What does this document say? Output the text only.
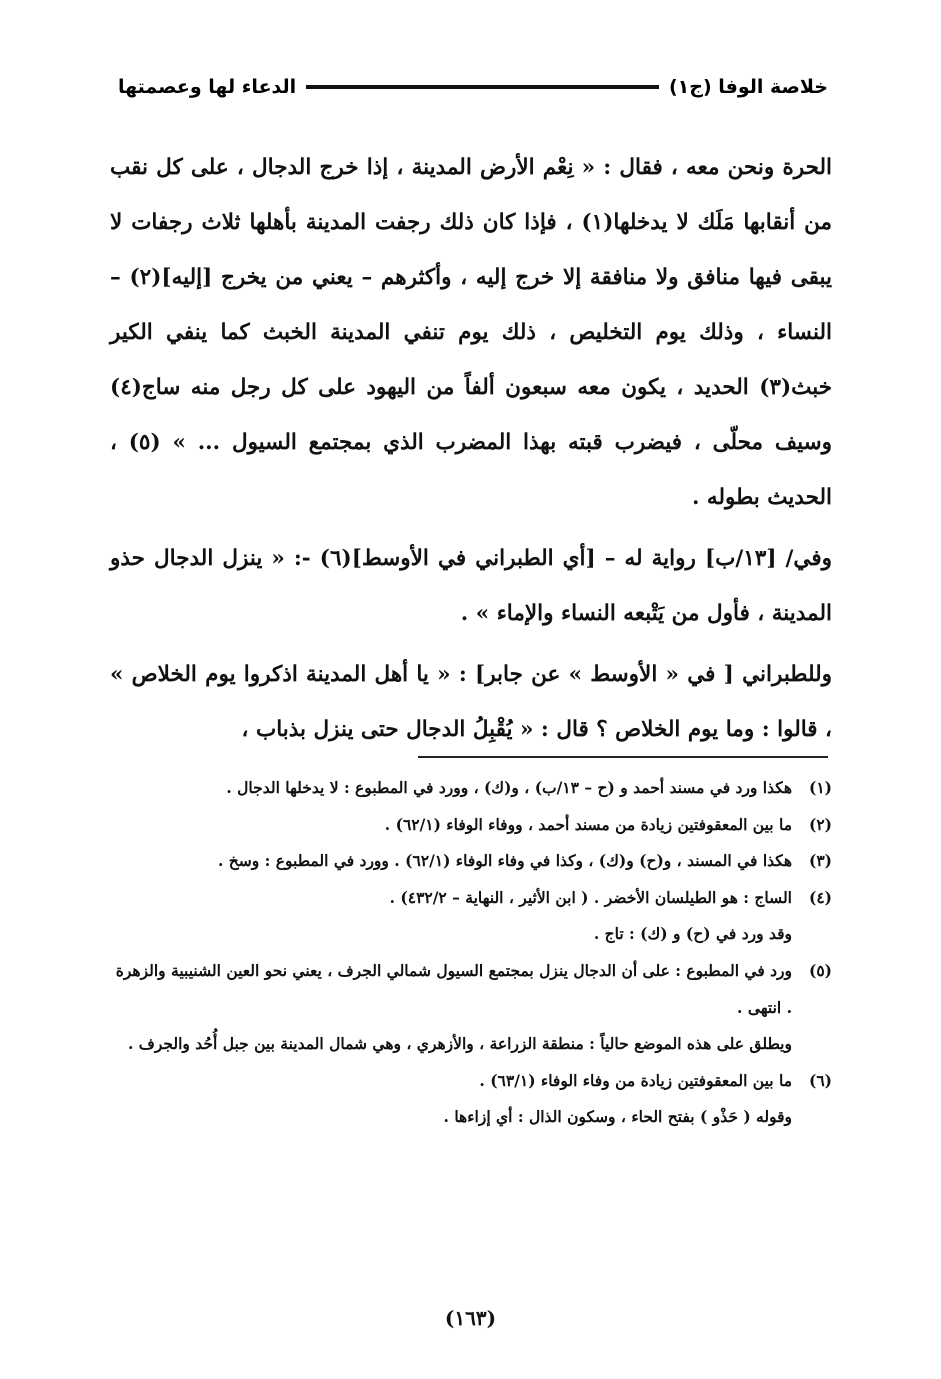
خلاصة الوفا (ج١)
الدعاء لها وعصمتها

الحرة ونحن معه ، فقال : « نِعْم الأرض المدينة ، إذا خرج الدجال ، على كل نقب من أنقابها مَلَك لا يدخلها(١) ، فإذا كان ذلك رجفت المدينة بأهلها ثلاث رجفات لا يبقى فيها منافق ولا منافقة إلا خرج إليه ، وأكثرهم – يعني من يخرج [إليه](٢) – النساء ، وذلك يوم التخليص ، ذلك يوم تنفي المدينة الخبث كما ينفي الكير خبث(٣) الحديد ، يكون معه سبعون ألفاً من اليهود على كل رجل منه ساج(٤) وسيف محلّى ، فيضرب قبته بهذا المضرب الذي بمجتمع السيول ... » (٥) ، الحديث بطوله .

وفي/ [١٣/ب] رواية له – [أي الطبراني في الأوسط](٦) -: « ينزل الدجال حذو المدينة ، فأول من يَتْبعه النساء والإماء » .

وللطبراني [ في « الأوسط » عن جابر] : « يا أهل المدينة اذكروا يوم الخلاص » ، قالوا : وما يوم الخلاص ؟ قال : « يُقْبِلُ الدجال حتى ينزل بذباب ،

(١)
هكذا ورد في مسند أحمد و (ح – ١٣/ب) ، و(ك) ، وورد في المطبوع : لا يدخلها الدجال .
(٢)
ما بين المعقوفتين زيادة من مسند أحمد ، ووفاء الوفاء (٦٢/١) .
(٣)
هكذا في المسند ، و(ح) و(ك) ، وكذا في وفاء الوفاء (٦٢/١) . وورد في المطبوع : وسخ .
(٤)
الساج : هو الطيلسان الأخضر . ( ابن الأثير ، النهاية – ٤٣٢/٢) .
وقد ورد في (ح) و (ك) : تاج .
(٥)
ورد في المطبوع : على أن الدجال ينزل بمجتمع السيول شمالي الجرف ، يعني نحو العين الشنيبية والزهرة . انتهى .
ويطلق على هذه الموضع حالياً : منطقة الزراعة ، والأزهري ، وهي شمال المدينة بين جبل أُحُد والجرف .
(٦)
ما بين المعقوفتين زيادة من وفاء الوفاء (٦٣/١) .
وقوله ( حَذْو ) بفتح الحاء ، وسكون الذال : أي إزاءها .
(١٦٣)
